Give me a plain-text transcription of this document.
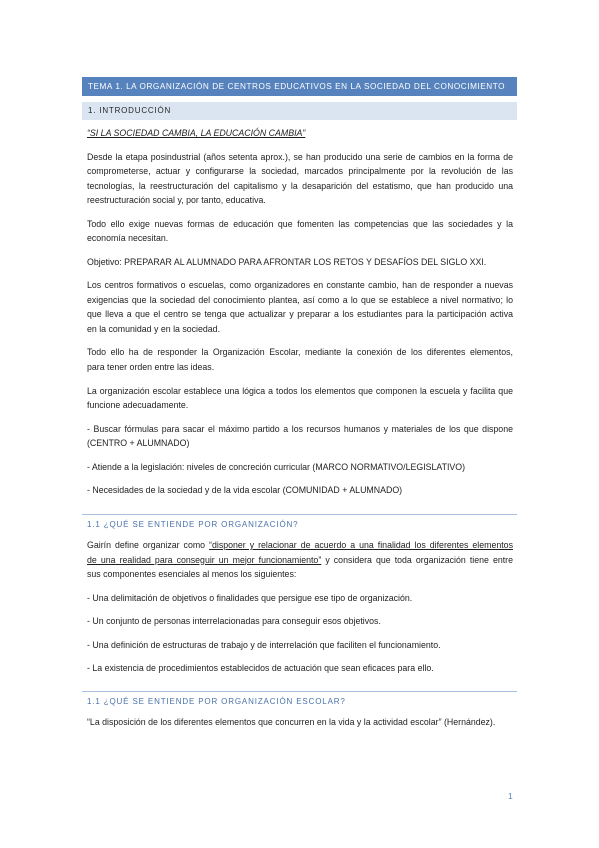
TEMA 1. LA ORGANIZACIÓN DE CENTROS EDUCATIVOS EN LA SOCIEDAD DEL CONOCIMIENTO
1. INTRODUCCIÓN

“SI LA SOCIEDAD CAMBIA, LA EDUCACIÓN CAMBIA”

Desde la etapa posindustrial (años setenta aprox.), se han producido una serie de cambios en la forma de
comprometerse, actuar y configurarse la sociedad, marcados principalmente por la revolución de las
tecnologías, la reestructuración del capitalismo y la desaparición del estatismo, que han producido una
reestructuración social y, por tanto, educativa.

Todo ello exige nuevas formas de educación que fomenten las competencias que las sociedades y la
economía necesitan.

Objetivo: PREPARAR AL ALUMNADO PARA AFRONTAR LOS RETOS Y DESAFÍOS DEL SIGLO XXI.

Los centros formativos o escuelas, como organizadores en constante cambio, han de responder a nuevas
exigencias que la sociedad del conocimiento plantea, así como a lo que se establece a nivel normativo; lo
que lleva a que el centro se tenga que actualizar y preparar a los estudiantes para la participación activa
en la comunidad y en la sociedad.

Todo ello ha de responder la Organización Escolar, mediante la conexión de los diferentes elementos,
para tener orden entre las ideas.

La organización escolar establece una lógica a todos los elementos que componen la escuela y facilita que
funcione adecuadamente.

- Buscar fórmulas para sacar el máximo partido a los recursos humanos y materiales de los que dispone
(CENTRO + ALUMNADO)

- Atiende a la legislación: niveles de concreción curricular (MARCO NORMATIVO/LEGISLATIVO)

- Necesidades de la sociedad y de la vida escolar (COMUNIDAD + ALUMNADO)

1.1 ¿QUÉ SE ENTIENDE POR ORGANIZACIÓN?

Gairín define organizar como “disponer y relacionar de acuerdo a una finalidad los diferentes elementos
de una realidad para conseguir un mejor funcionamiento” y considera que toda organización tiene entre
sus componentes esenciales al menos los siguientes:

- Una delimitación de objetivos o finalidades que persigue ese tipo de organización.

- Un conjunto de personas interrelacionadas para conseguir esos objetivos.

- Una definición de estructuras de trabajo y de interrelación que faciliten el funcionamiento.

- La existencia de procedimientos establecidos de actuación que sean eficaces para ello.

1.1 ¿QUÉ SE ENTIENDE POR ORGANIZACIÓN ESCOLAR?

“La disposición de los diferentes elementos que concurren en la vida y la actividad escolar” (Hernández).

1
